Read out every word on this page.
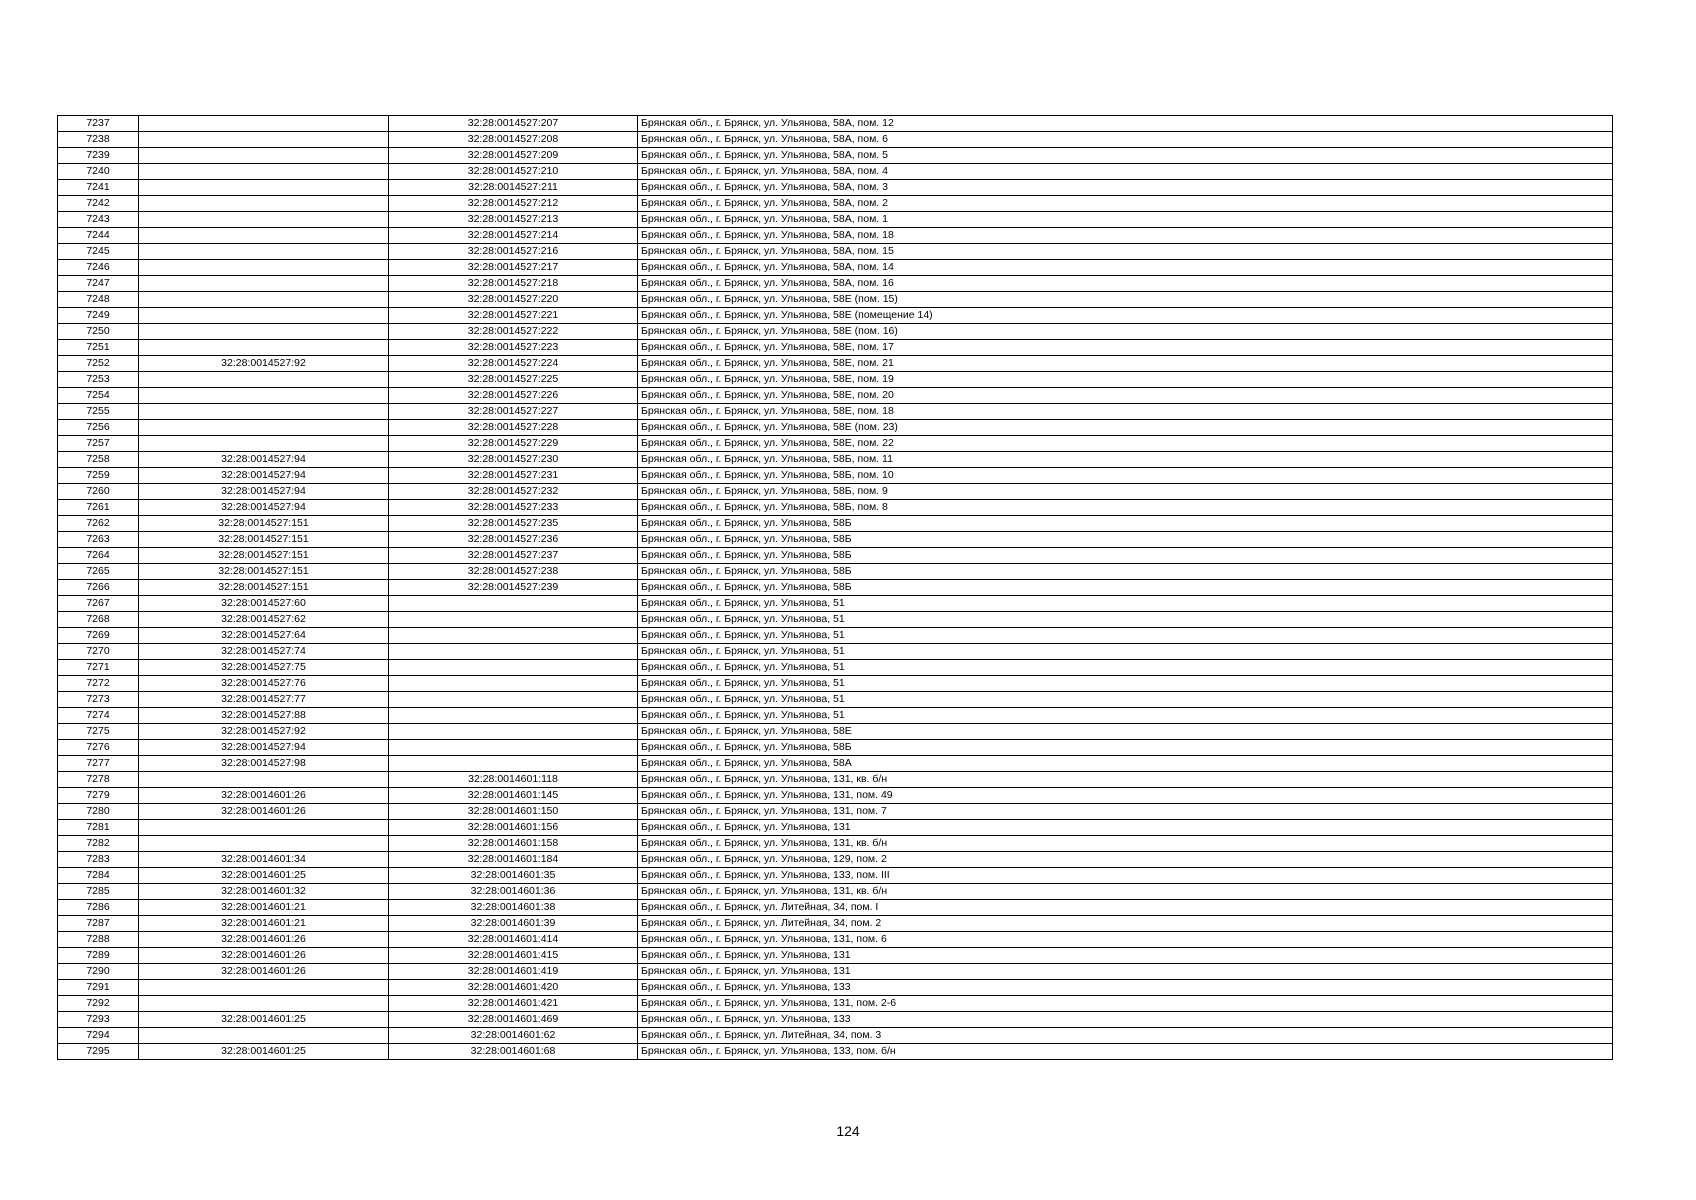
7237		32:28:0014527:207	Брянская обл., г. Брянск, ул. Ульянова, 58А, пом. 12
7238		32:28:0014527:208	Брянская обл., г. Брянск, ул. Ульянова, 58А, пом. 6
7239		32:28:0014527:209	Брянская обл., г. Брянск, ул. Ульянова, 58А, пом. 5
7240		32:28:0014527:210	Брянская обл., г. Брянск, ул. Ульянова, 58А, пом. 4
7241		32:28:0014527:211	Брянская обл., г. Брянск, ул. Ульянова, 58А, пом. 3
7242		32:28:0014527:212	Брянская обл., г. Брянск, ул. Ульянова, 58А, пом. 2
7243		32:28:0014527:213	Брянская обл., г. Брянск, ул. Ульянова, 58А, пом. 1
7244		32:28:0014527:214	Брянская обл., г. Брянск, ул. Ульянова, 58А, пом. 18
7245		32:28:0014527:216	Брянская обл., г. Брянск, ул. Ульянова, 58А, пом. 15
7246		32:28:0014527:217	Брянская обл., г. Брянск, ул. Ульянова, 58А, пом. 14
7247		32:28:0014527:218	Брянская обл., г. Брянск, ул. Ульянова, 58А, пом. 16
7248		32:28:0014527:220	Брянская обл., г. Брянск, ул. Ульянова, 58Е (пом. 15)
7249		32:28:0014527:221	Брянская обл., г. Брянск, ул. Ульянова, 58Е (помещение 14)
7250		32:28:0014527:222	Брянская обл., г. Брянск, ул. Ульянова, 58Е (пом. 16)
7251		32:28:0014527:223	Брянская обл., г. Брянск, ул. Ульянова, 58Е, пом. 17
7252	32:28:0014527:92	32:28:0014527:224	Брянская обл., г. Брянск, ул. Ульянова, 58Е, пом. 21
7253		32:28:0014527:225	Брянская обл., г. Брянск, ул. Ульянова, 58Е, пом. 19
7254		32:28:0014527:226	Брянская обл., г. Брянск, ул. Ульянова, 58Е, пом. 20
7255		32:28:0014527:227	Брянская обл., г. Брянск, ул. Ульянова, 58Е, пом. 18
7256		32:28:0014527:228	Брянская обл., г. Брянск, ул. Ульянова, 58Е (пом. 23)
7257		32:28:0014527:229	Брянская обл., г. Брянск, ул. Ульянова, 58Е, пом. 22
7258	32:28:0014527:94	32:28:0014527:230	Брянская обл., г. Брянск, ул. Ульянова, 58Б, пом. 11
7259	32:28:0014527:94	32:28:0014527:231	Брянская обл., г. Брянск, ул. Ульянова, 58Б, пом. 10
7260	32:28:0014527:94	32:28:0014527:232	Брянская обл., г. Брянск, ул. Ульянова, 58Б, пом. 9
7261	32:28:0014527:94	32:28:0014527:233	Брянская обл., г. Брянск, ул. Ульянова, 58Б, пом. 8
7262	32:28:0014527:151	32:28:0014527:235	Брянская обл., г. Брянск, ул. Ульянова, 58Б
7263	32:28:0014527:151	32:28:0014527:236	Брянская обл., г. Брянск, ул. Ульянова, 58Б
7264	32:28:0014527:151	32:28:0014527:237	Брянская обл., г. Брянск, ул. Ульянова, 58Б
7265	32:28:0014527:151	32:28:0014527:238	Брянская обл., г. Брянск, ул. Ульянова, 58Б
7266	32:28:0014527:151	32:28:0014527:239	Брянская обл., г. Брянск, ул. Ульянова, 58Б
7267	32:28:0014527:60		Брянская обл., г. Брянск, ул. Ульянова, 51
7268	32:28:0014527:62		Брянская обл., г. Брянск, ул. Ульянова, 51
7269	32:28:0014527:64		Брянская обл., г. Брянск, ул. Ульянова, 51
7270	32:28:0014527:74		Брянская обл., г. Брянск, ул. Ульянова, 51
7271	32:28:0014527:75		Брянская обл., г. Брянск, ул. Ульянова, 51
7272	32:28:0014527:76		Брянская обл., г. Брянск, ул. Ульянова, 51
7273	32:28:0014527:77		Брянская обл., г. Брянск, ул. Ульянова, 51
7274	32:28:0014527:88		Брянская обл., г. Брянск, ул. Ульянова, 51
7275	32:28:0014527:92		Брянская обл., г. Брянск, ул. Ульянова, 58Е
7276	32:28:0014527:94		Брянская обл., г. Брянск, ул. Ульянова, 58Б
7277	32:28:0014527:98		Брянская обл., г. Брянск, ул. Ульянова, 58А
7278		32:28:0014601:118	Брянская обл., г. Брянск, ул. Ульянова, 131, кв. б/н
7279	32:28:0014601:26	32:28:0014601:145	Брянская обл., г. Брянск, ул. Ульянова, 131, пом. 49
7280	32:28:0014601:26	32:28:0014601:150	Брянская обл., г. Брянск, ул. Ульянова, 131, пом. 7
7281		32:28:0014601:156	Брянская обл., г. Брянск, ул. Ульянова, 131
7282		32:28:0014601:158	Брянская обл., г. Брянск, ул. Ульянова, 131, кв. б/н
7283	32:28:0014601:34	32:28:0014601:184	Брянская обл., г. Брянск, ул. Ульянова, 129, пом. 2
7284	32:28:0014601:25	32:28:0014601:35	Брянская обл., г. Брянск, ул. Ульянова, 133, пом. III
7285	32:28:0014601:32	32:28:0014601:36	Брянская обл., г. Брянск, ул. Ульянова, 131, кв. б/н
7286	32:28:0014601:21	32:28:0014601:38	Брянская обл., г. Брянск, ул. Литейная, 34, пом. I
7287	32:28:0014601:21	32:28:0014601:39	Брянская обл., г. Брянск, ул. Литейная, 34, пом. 2
7288	32:28:0014601:26	32:28:0014601:414	Брянская обл., г. Брянск, ул. Ульянова, 131, пом. 6
7289	32:28:0014601:26	32:28:0014601:415	Брянская обл., г. Брянск, ул. Ульянова, 131
7290	32:28:0014601:26	32:28:0014601:419	Брянская обл., г. Брянск, ул. Ульянова, 131
7291		32:28:0014601:420	Брянская обл., г. Брянск, ул. Ульянова, 133
7292		32:28:0014601:421	Брянская обл., г. Брянск, ул. Ульянова, 131, пом. 2-6
7293	32:28:0014601:25	32:28:0014601:469	Брянская обл., г. Брянск, ул. Ульянова, 133
7294		32:28:0014601:62	Брянская обл., г. Брянск, ул. Литейная, 34, пом. 3
7295	32:28:0014601:25	32:28:0014601:68	Брянская обл., г. Брянск, ул. Ульянова, 133, пом. б/н
124
